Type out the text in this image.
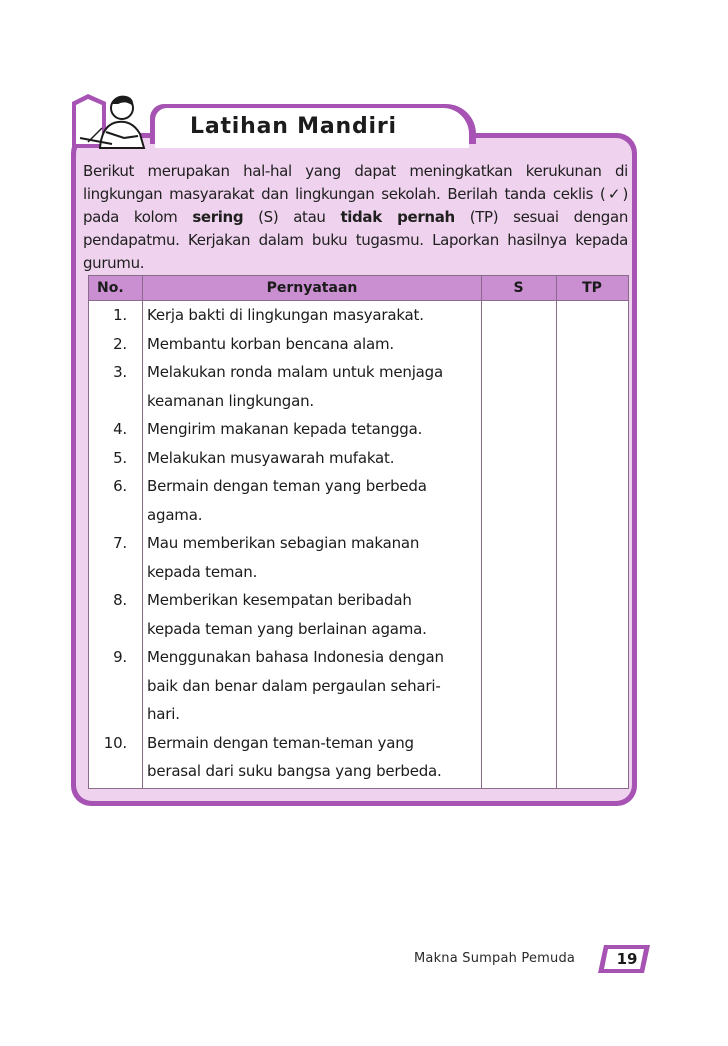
Latihan Mandiri
Berikut merupakan hal-hal yang dapat meningkatkan kerukunan di lingkungan masyarakat dan lingkungan sekolah. Berilah tanda ceklis (✓) pada kolom sering (S) atau tidak pernah (TP) sesuai dengan pendapatmu. Kerjakan dalam buku tugasmu. Laporkan hasilnya kepada gurumu.
No.	Pernyataan	S	TP
1. Kerja bakti di lingkungan masyarakat.
2. Membantu korban bencana alam.
3. Melakukan ronda malam untuk menjaga
keamanan lingkungan.
4. Mengirim makanan kepada tetangga.
5. Melakukan musyawarah mufakat.
6. Bermain dengan teman yang berbeda
agama.
7. Mau memberikan sebagian makanan
kepada teman.
8. Memberikan kesempatan beribadah
kepada teman yang berlainan agama.
9. Menggunakan bahasa Indonesia dengan
baik dan benar dalam pergaulan sehari-
hari.
10. Bermain dengan teman-teman yang
berasal dari suku bangsa yang berbeda.
Makna Sumpah Pemuda	19
